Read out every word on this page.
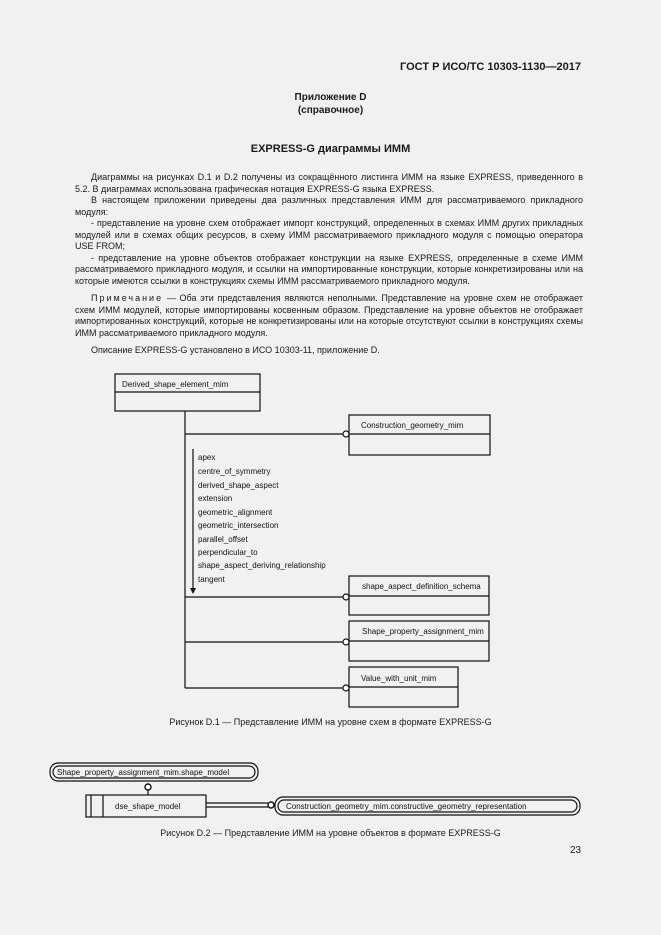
ГОСТ Р ИСО/ТС 10303-1130—2017
Приложение D
(справочное)
EXPRESS-G диаграммы ИММ

Диаграммы на рисунках D.1 и D.2 получены из сокращённого листинга ИММ на языке EXPRESS, приведенного в 5.2. В диаграммах использована графическая нотация EXPRESS-G языка EXPRESS.

В настоящем приложении приведены два различных представления ИММ для рассматриваемого прикладного модуля:

- представление на уровне схем отображает импорт конструкций, определенных в схемах ИММ других прикладных модулей или в схемах общих ресурсов, в схему ИММ рассматриваемого прикладного модуля с помощью оператора USE FROM;

- представление на уровне объектов отображает конструкции на языке EXPRESS, определенные в схеме ИММ рассматриваемого прикладного модуля, и ссылки на импортированные конструкции, которые конкретизированы или на которые имеются ссылки в конструкциях схемы ИММ рассматриваемого прикладного модуля.

Примечание — Оба эти представления являются неполными. Представление на уровне схем не отображает схем ИММ модулей, которые импортированы косвенным образом. Представление на уровне объектов не отображает импортированных конструкций, которые не конкретизированы или на которые отсутствуют ссылки в конструкциях схемы ИММ рассматриваемого прикладного модуля.

Описание EXPRESS-G установлено в ИСО 10303-11, приложение D.

Derived_shape_element_mim
Construction_geometry_mim
shape_aspect_definition_schema
Shape_property_assignment_mim
Value_with_unit_mim
apex
centre_of_symmetry
derived_shape_aspect
extension
geometric_alignment
geometric_intersection
parallel_offset
perpendicular_to
shape_aspect_deriving_relationship
tangent
Shape_property_assignment_mim.shape_model
dse_shape_model	Construction_geometry_mim.constructive_geometry_representation
Рисунок D.1 — Представление ИММ на уровне схем в формате EXPRESS-G
Рисунок D.2 — Представление ИММ на уровне объектов в формате EXPRESS-G
23
